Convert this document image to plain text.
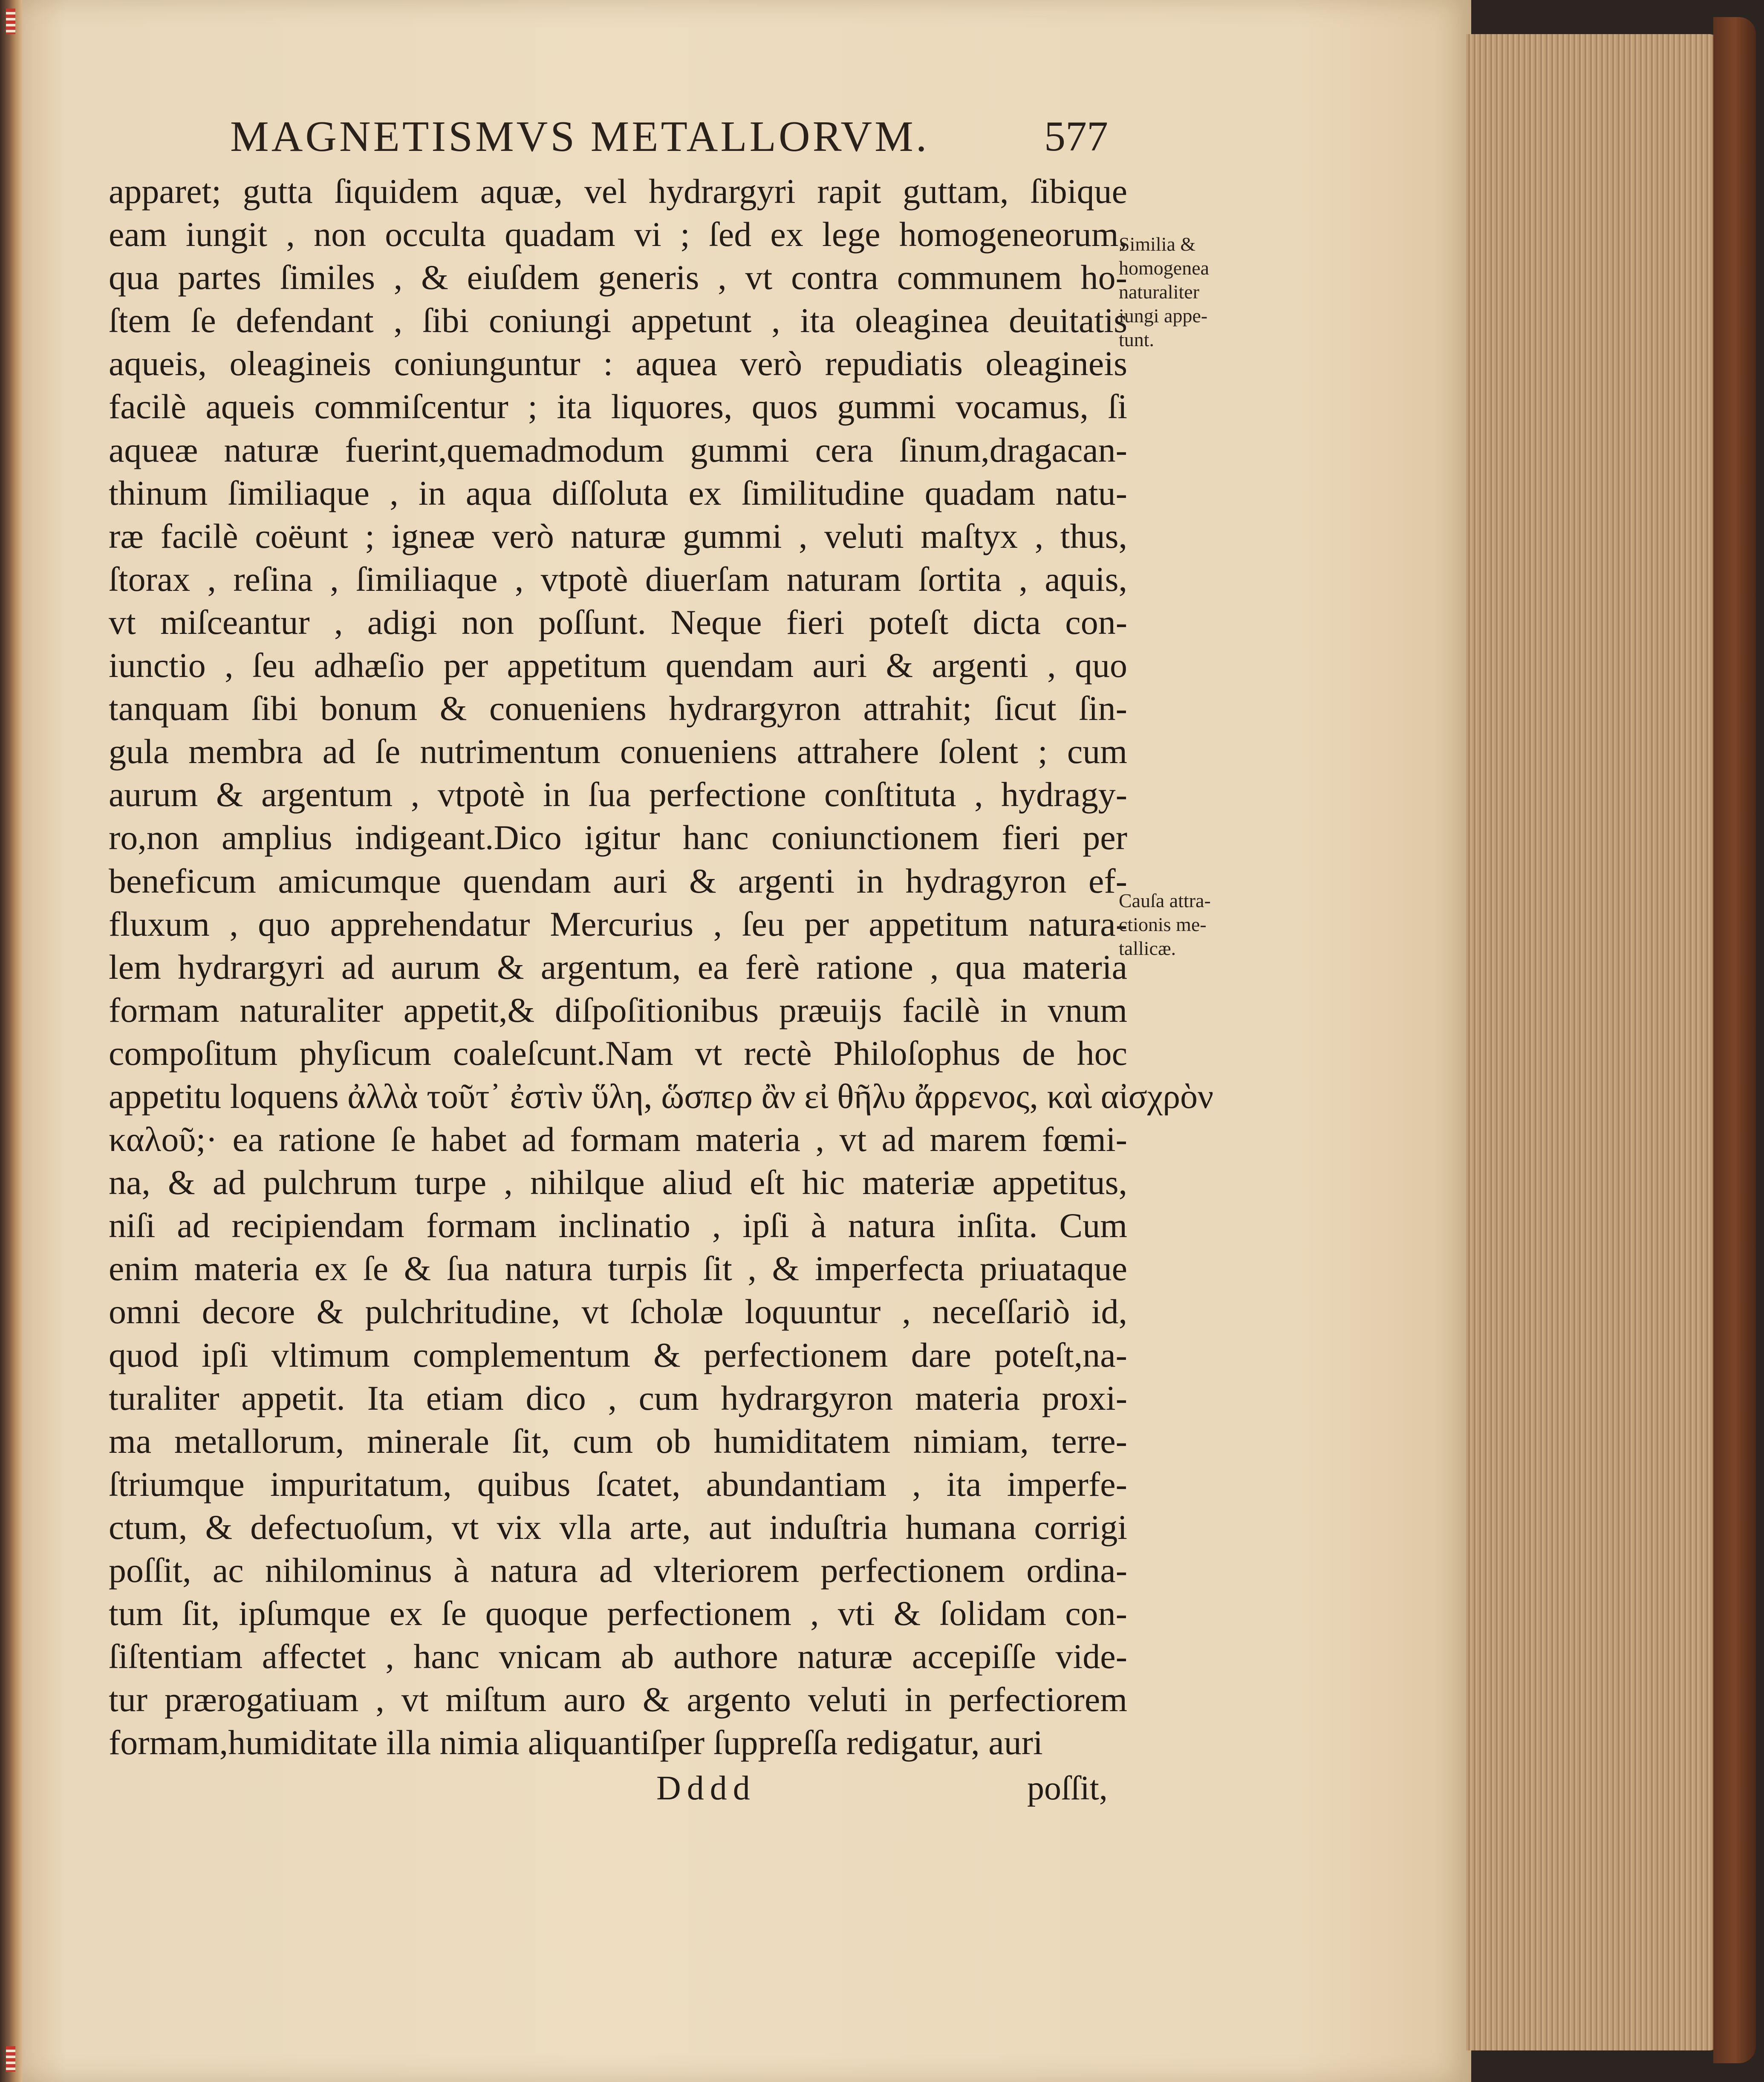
MAGNETISMVS METALLORVM.	577
apparet; gutta ſiquidem aquæ, vel hydrargyri rapit guttam, ſibique
eam iungit , non occulta quadam vi ; ſed ex lege homogeneorum,
qua partes ſimiles , & eiuſdem generis , vt contra communem ho-
ſtem ſe defendant , ſibi coniungi appetunt , ita oleaginea deuitatis
aqueis, oleagineis coniunguntur : aquea verò repudiatis oleagineis
facilè aqueis commiſcentur ; ita liquores, quos gummi vocamus, ſi
aqueæ naturæ fuerint,quemadmodum gummi cera ſinum,dragacan-
thinum ſimiliaque , in aqua diſſoluta ex ſimilitudine quadam natu-
ræ facilè coëunt ; igneæ verò naturæ gummi , veluti maſtyx , thus,
ſtorax , reſina , ſimiliaque , vtpotè diuerſam naturam ſortita , aquis,
vt miſceantur , adigi non poſſunt. Neque fieri poteſt dicta con-
iunctio , ſeu adhæſio per appetitum quendam auri & argenti , quo
tanquam ſibi bonum & conueniens hydrargyron attrahit; ſicut ſin-
gula membra ad ſe nutrimentum conueniens attrahere ſolent ; cum
aurum & argentum , vtpotè in ſua perfectione conſtituta , hydragy-
ro,non amplius indigeant.Dico igitur hanc coniunctionem fieri per
beneficum amicumque quendam auri & argenti in hydragyron ef-
fluxum , quo apprehendatur Mercurius , ſeu per appetitum natura-
lem hydrargyri ad aurum & argentum, ea ferè ratione , qua materia
formam naturaliter appetit,& diſpoſitionibus præuijs facilè in vnum
compoſitum phyſicum coaleſcunt.Nam vt rectè Philoſophus de hoc
appetitu loquens ἀλλὰ τοῦτ᾽ ἐστὶν ὕλη, ὥσπερ ἂν εἰ θῆλυ ἄρρενος, καὶ αἰσχρὸν
καλοῦ;· ea ratione ſe habet ad formam materia , vt ad marem fœmi-
na, & ad pulchrum turpe , nihilque aliud eſt hic materiæ appetitus,
niſi ad recipiendam formam inclinatio , ipſi à natura inſita. Cum
enim materia ex ſe & ſua natura turpis ſit , & imperfecta priuataque
omni decore & pulchritudine, vt ſcholæ loquuntur , neceſſariò id,
quod ipſi vltimum complementum & perfectionem dare poteſt,na-
turaliter appetit. Ita etiam dico , cum hydrargyron materia proxi-
ma metallorum, minerale ſit, cum ob humiditatem nimiam, terre-
ſtriumque impuritatum, quibus ſcatet, abundantiam , ita imperfe-
ctum, & defectuoſum, vt vix vlla arte, aut induſtria humana corrigi
poſſit, ac nihilominus à natura ad vlteriorem perfectionem ordina-
tum ſit, ipſumque ex ſe quoque perfectionem , vti & ſolidam con-
ſiſtentiam affectet , hanc vnicam ab authore naturæ accepiſſe vide-
tur prærogatiuam , vt miſtum auro & argento veluti in perfectiorem
formam,humiditate illa nimia aliquantiſper ſuppreſſa redigatur, auri
Similia &
homogenea
naturaliter
iungi appe-
tunt.
Cauſa attra-
ctionis me-
tallicæ.
Dddd	poſſit,
